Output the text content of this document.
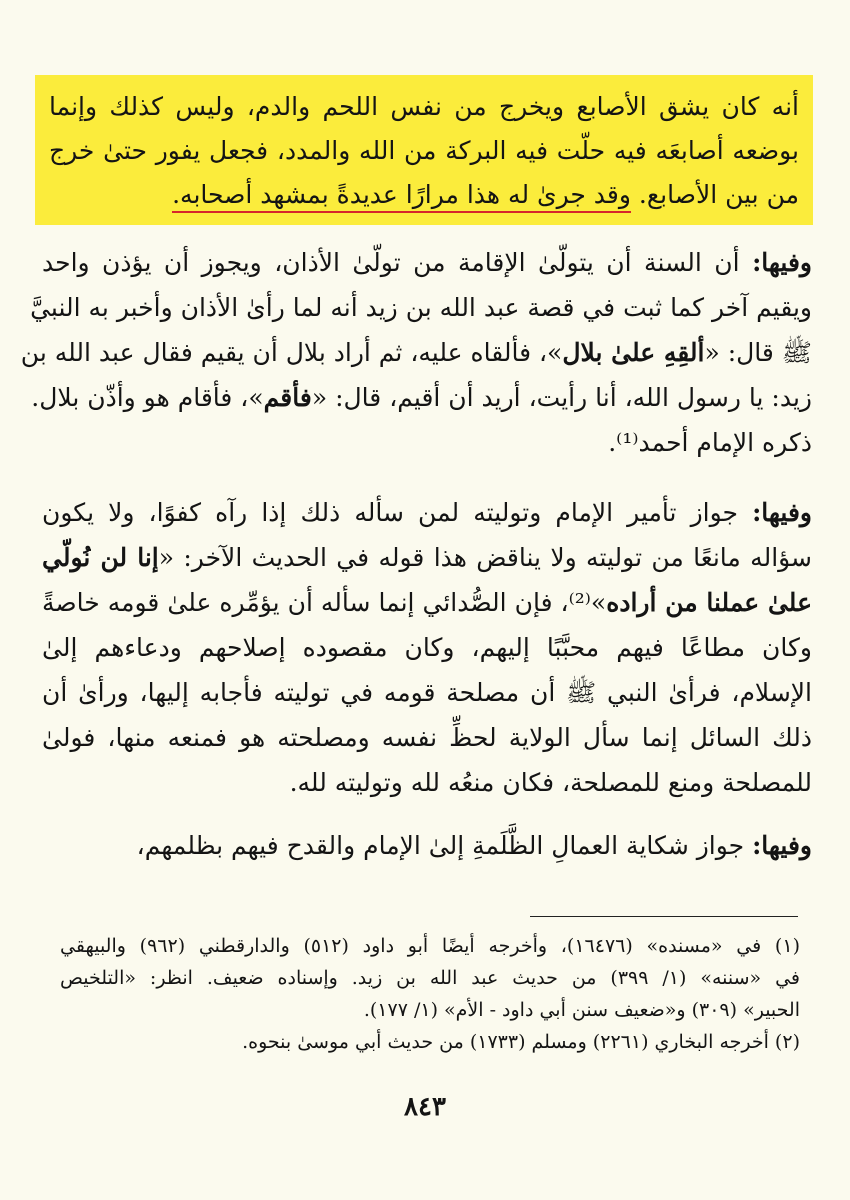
أنه كان يشق الأصابع ويخرج من نفس اللحم والدم، وليس كذلك وإنما
بوضعه أصابعَه فيه حلّت فيه البركة من الله والمدد، فجعل يفور حتىٰ خرج
من بين الأصابع. وقد جرىٰ له هذا مرارًا عديدةً بمشهد أصحابه.
وفيها: أن السنة أن يتولّىٰ الإقامة من تولّىٰ الأذان، ويجوز أن يؤذن واحد
ويقيم آخر كما ثبت في قصة عبد الله بن زيد أنه لما رأىٰ الأذان وأخبر به النبيَّ
ﷺ قال: «ألقِهِ علىٰ بلال»، فألقاه عليه، ثم أراد بلال أن يقيم فقال عبد الله بن
زيد: يا رسول الله، أنا رأيت، أريد أن أقيم، قال: «فأقم»، فأقام هو وأذّن بلال.
ذكره الإمام أحمد⁽¹⁾.
وفيها: جواز تأمير الإمام وتوليته لمن سأله ذلك إذا رآه كفوًا، ولا يكون
سؤاله مانعًا من توليته ولا يناقض هذا قوله في الحديث الآخر: «إنا لن نُولّي
علىٰ عملنا من أراده»⁽²⁾، فإن الصُّدائي إنما سأله أن يؤمِّره علىٰ قومه خاصةً
وكان مطاعًا فيهم محبَّبًا إليهم، وكان مقصوده إصلاحهم ودعاءهم إلىٰ
الإسلام، فرأىٰ النبي ﷺ أن مصلحة قومه في توليته فأجابه إليها، ورأىٰ أن
ذلك السائل إنما سأل الولاية لحظِّ نفسه ومصلحته هو فمنعه منها، فولىٰ
للمصلحة ومنع للمصلحة، فكان منعُه لله وتوليته لله.
وفيها: جواز شكاية العمالِ الظَّلَمةِ إلىٰ الإمام والقدح فيهم بظلمهم،
(١) في «مسنده» (١٦٤٧٦)، وأخرجه أيضًا أبو داود (٥١٢) والدارقطني (٩٦٢) والبيهقي
في «سننه» (١/ ٣٩٩) من حديث عبد الله بن زيد. وإسناده ضعيف. انظر: «التلخيص
الحبير» (٣٠٩) و«ضعيف سنن أبي داود - الأم» (١/ ١٧٧).
(٢) أخرجه البخاري (٢٢٦١) ومسلم (١٧٣٣) من حديث أبي موسىٰ بنحوه.
٨٤٣
